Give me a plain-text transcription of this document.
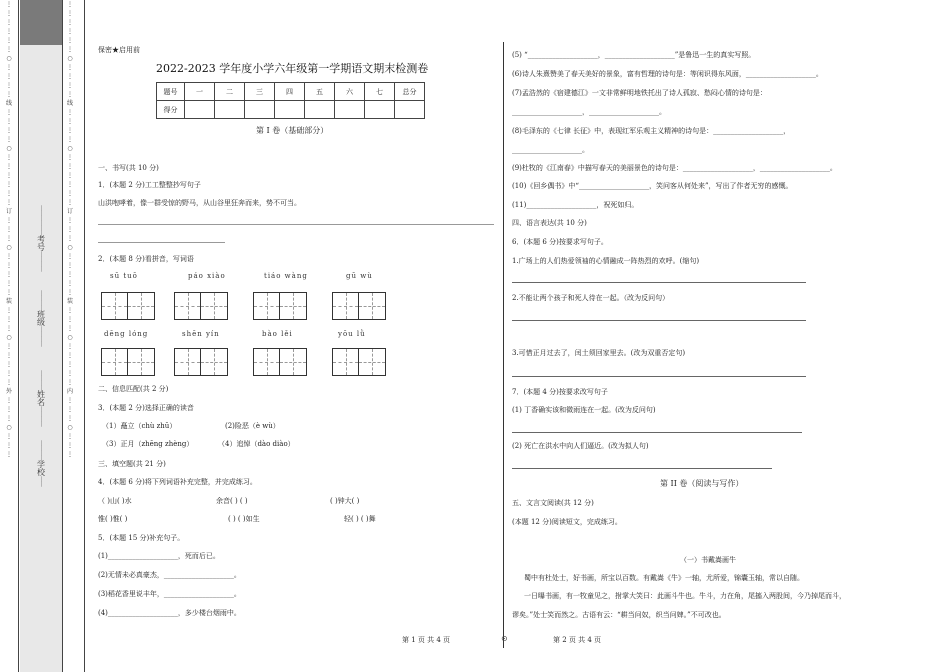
⋮
⋮
⋮
⋮
⋮
⋮
○
⋮
⋮
⋮
⋮
线
⋮
⋮
⋮
⋮
○
⋮
⋮
⋮
⋮
⋮
⋮
订
⋮
⋮
⋮
○
⋮
⋮
⋮
⋮
⋮
装
⋮
⋮
⋮
○
⋮
⋮
⋮
⋮
⋮
外
⋮
⋮
⋮
○
⋮
⋮
⋮
⋮
⋮
⋮
⋮
⋮
⋮
○
⋮
⋮
⋮
⋮
线
⋮
⋮
⋮
⋮
○
⋮
⋮
⋮
⋮
⋮
⋮
订
⋮
⋮
⋮
○
⋮
⋮
⋮
⋮
⋮
装
⋮
⋮
⋮
○
⋮
⋮
⋮
⋮
⋮
内
⋮
⋮
⋮
○
⋮
⋮
⋮
——————
考号
————
————
班级
————
————
姓名
————
————
学校
——
保密★启用前
2022-2023 学年度小学六年级第一学期语文期末检测卷
题号	一	二	三	四	五	六	七	总分
得分								
第 I 卷（基础部分）
一、书写(共 10 分)
1．(本题 2 分)工工整整抄写句子
山洪咆哮着，像一群受惊的野马，从山谷里狂奔而来，势不可当。
2．(本题 8 分)看拼音，写词语
sū tuō	páo xiào	tiáo wàng	gū wù
dēng lóng	shēn yín	bào lěi	yōu lǜ
二、信息匹配(共 2 分)
3．(本题 2 分)选择正确的读音
（1）矗立（chù zhū）	(2)险恶（è wù）
（3）正月（zhēng zhèng）	（4）追悼（dào diào）
三、填空题(共 21 分)
4．(本题 6 分)将下列词语补充完整，并完成练习。
（ )山( )水	余音( ) ( )	( )钟大( )
惟( )惟( )	( ) ( )如生	轻( ) ( )舞
5．(本题 15 分)补充句子。
(1)____________________，死而后已。
(2)无情未必真豪杰，____________________。
(3)稻花香里说丰年，____________________。
(4)____________________，多少楼台烟雨中。
(5) “____________________，____________________”是鲁迅一生的真实写照。
(6)诗人朱熹赞美了春天美好的景象，富有哲理的诗句是：等闲识得东风面，____________________。
(7)孟浩然的《宿建德江》一文非常鲜明地铁托出了诗人孤寂、愁闷心情的诗句是：
____________________，____________________。
(8)毛泽东的《七律 长征》中，表现红军乐观主义精神的诗句是：____________________，
____________________。
(9)杜牧的《江南春》中描写春天的美丽景色的诗句是：____________________，____________________。
(10)《回乡偶书》中“____________________，笑问客从何处来”，写出了作者无穷的感慨。
(11)____________________，祝死如归。
四、语言表达(共 10 分)
6．(本题 6 分)按要求写句子。
1.广场上的人们热爱领袖的心情融成一阵热烈的欢呼。(缩句)
2.不能让两个孩子和死人待在一起。（改为反问句）
3.可惜正月过去了，闰土须回家里去。(改为双重否定句)
7．(本题 4 分)按要求改写句子
(1) 丁香确实该和微雨连在一起。(改为反问句)
(2) 死亡在洪水中向人们逼近。(改为拟人句)
第 II 卷（阅读与写作）
五、文言文阅读(共 12 分)
(本题 12 分)阅读短文，完成练习。
（一）书戴嵩画牛
蜀中有杜处士，好书画，所宝以百数。有戴嵩《牛》一轴，尤所爱，锦囊玉轴，常以自随。
一日曝书画，有一牧童见之，拊掌大笑曰：此画斗牛也。牛斗，力在角，尾搐入两股间，今乃掉尾而斗，
谬矣。”处士笑而然之。古语有云：“耕当问奴，织当问婢。”不可改也。
第 1 页 共 4 页	⊙	第 2 页 共 4 页
